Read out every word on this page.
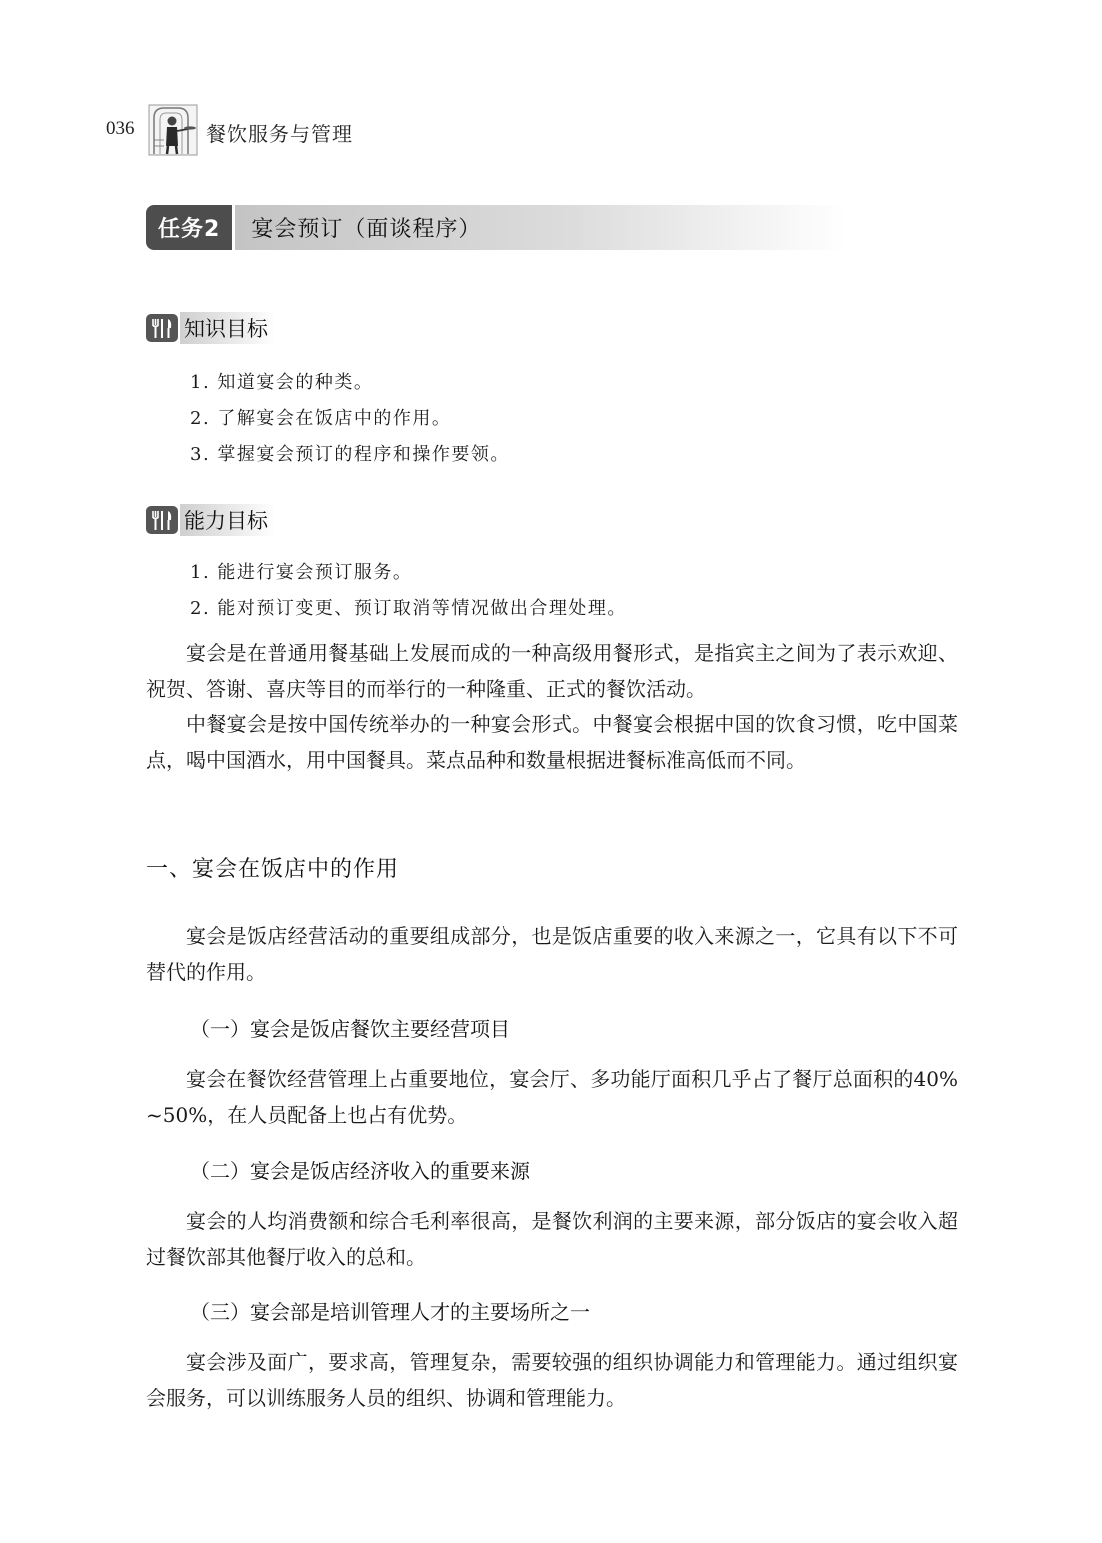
036	餐饮服务与管理
任务2	宴会预订（面谈程序）
知识目标
1. 知道宴会的种类。
2. 了解宴会在饭店中的作用。
3. 掌握宴会预订的程序和操作要领。
能力目标
1. 能进行宴会预订服务。
2. 能对预订变更、预订取消等情况做出合理处理。

宴会是在普通用餐基础上发展而成的一种高级用餐形式，是指宾主之间为了表示欢迎、祝贺、答谢、喜庆等目的而举行的一种隆重、正式的餐饮活动。

中餐宴会是按中国传统举办的一种宴会形式。中餐宴会根据中国的饮食习惯，吃中国菜点，喝中国酒水，用中国餐具。菜点品种和数量根据进餐标准高低而不同。

一、宴会在饭店中的作用

宴会是饭店经营活动的重要组成部分，也是饭店重要的收入来源之一，它具有以下不可替代的作用。

（一）宴会是饭店餐饮主要经营项目

宴会在餐饮经营管理上占重要地位，宴会厅、多功能厅面积几乎占了餐厅总面积的40% ~50%，在人员配备上也占有优势。

（二）宴会是饭店经济收入的重要来源

宴会的人均消费额和综合毛利率很高，是餐饮利润的主要来源，部分饭店的宴会收入超过餐饮部其他餐厅收入的总和。

（三）宴会部是培训管理人才的主要场所之一

宴会涉及面广，要求高，管理复杂，需要较强的组织协调能力和管理能力。通过组织宴会服务，可以训练服务人员的组织、协调和管理能力。
